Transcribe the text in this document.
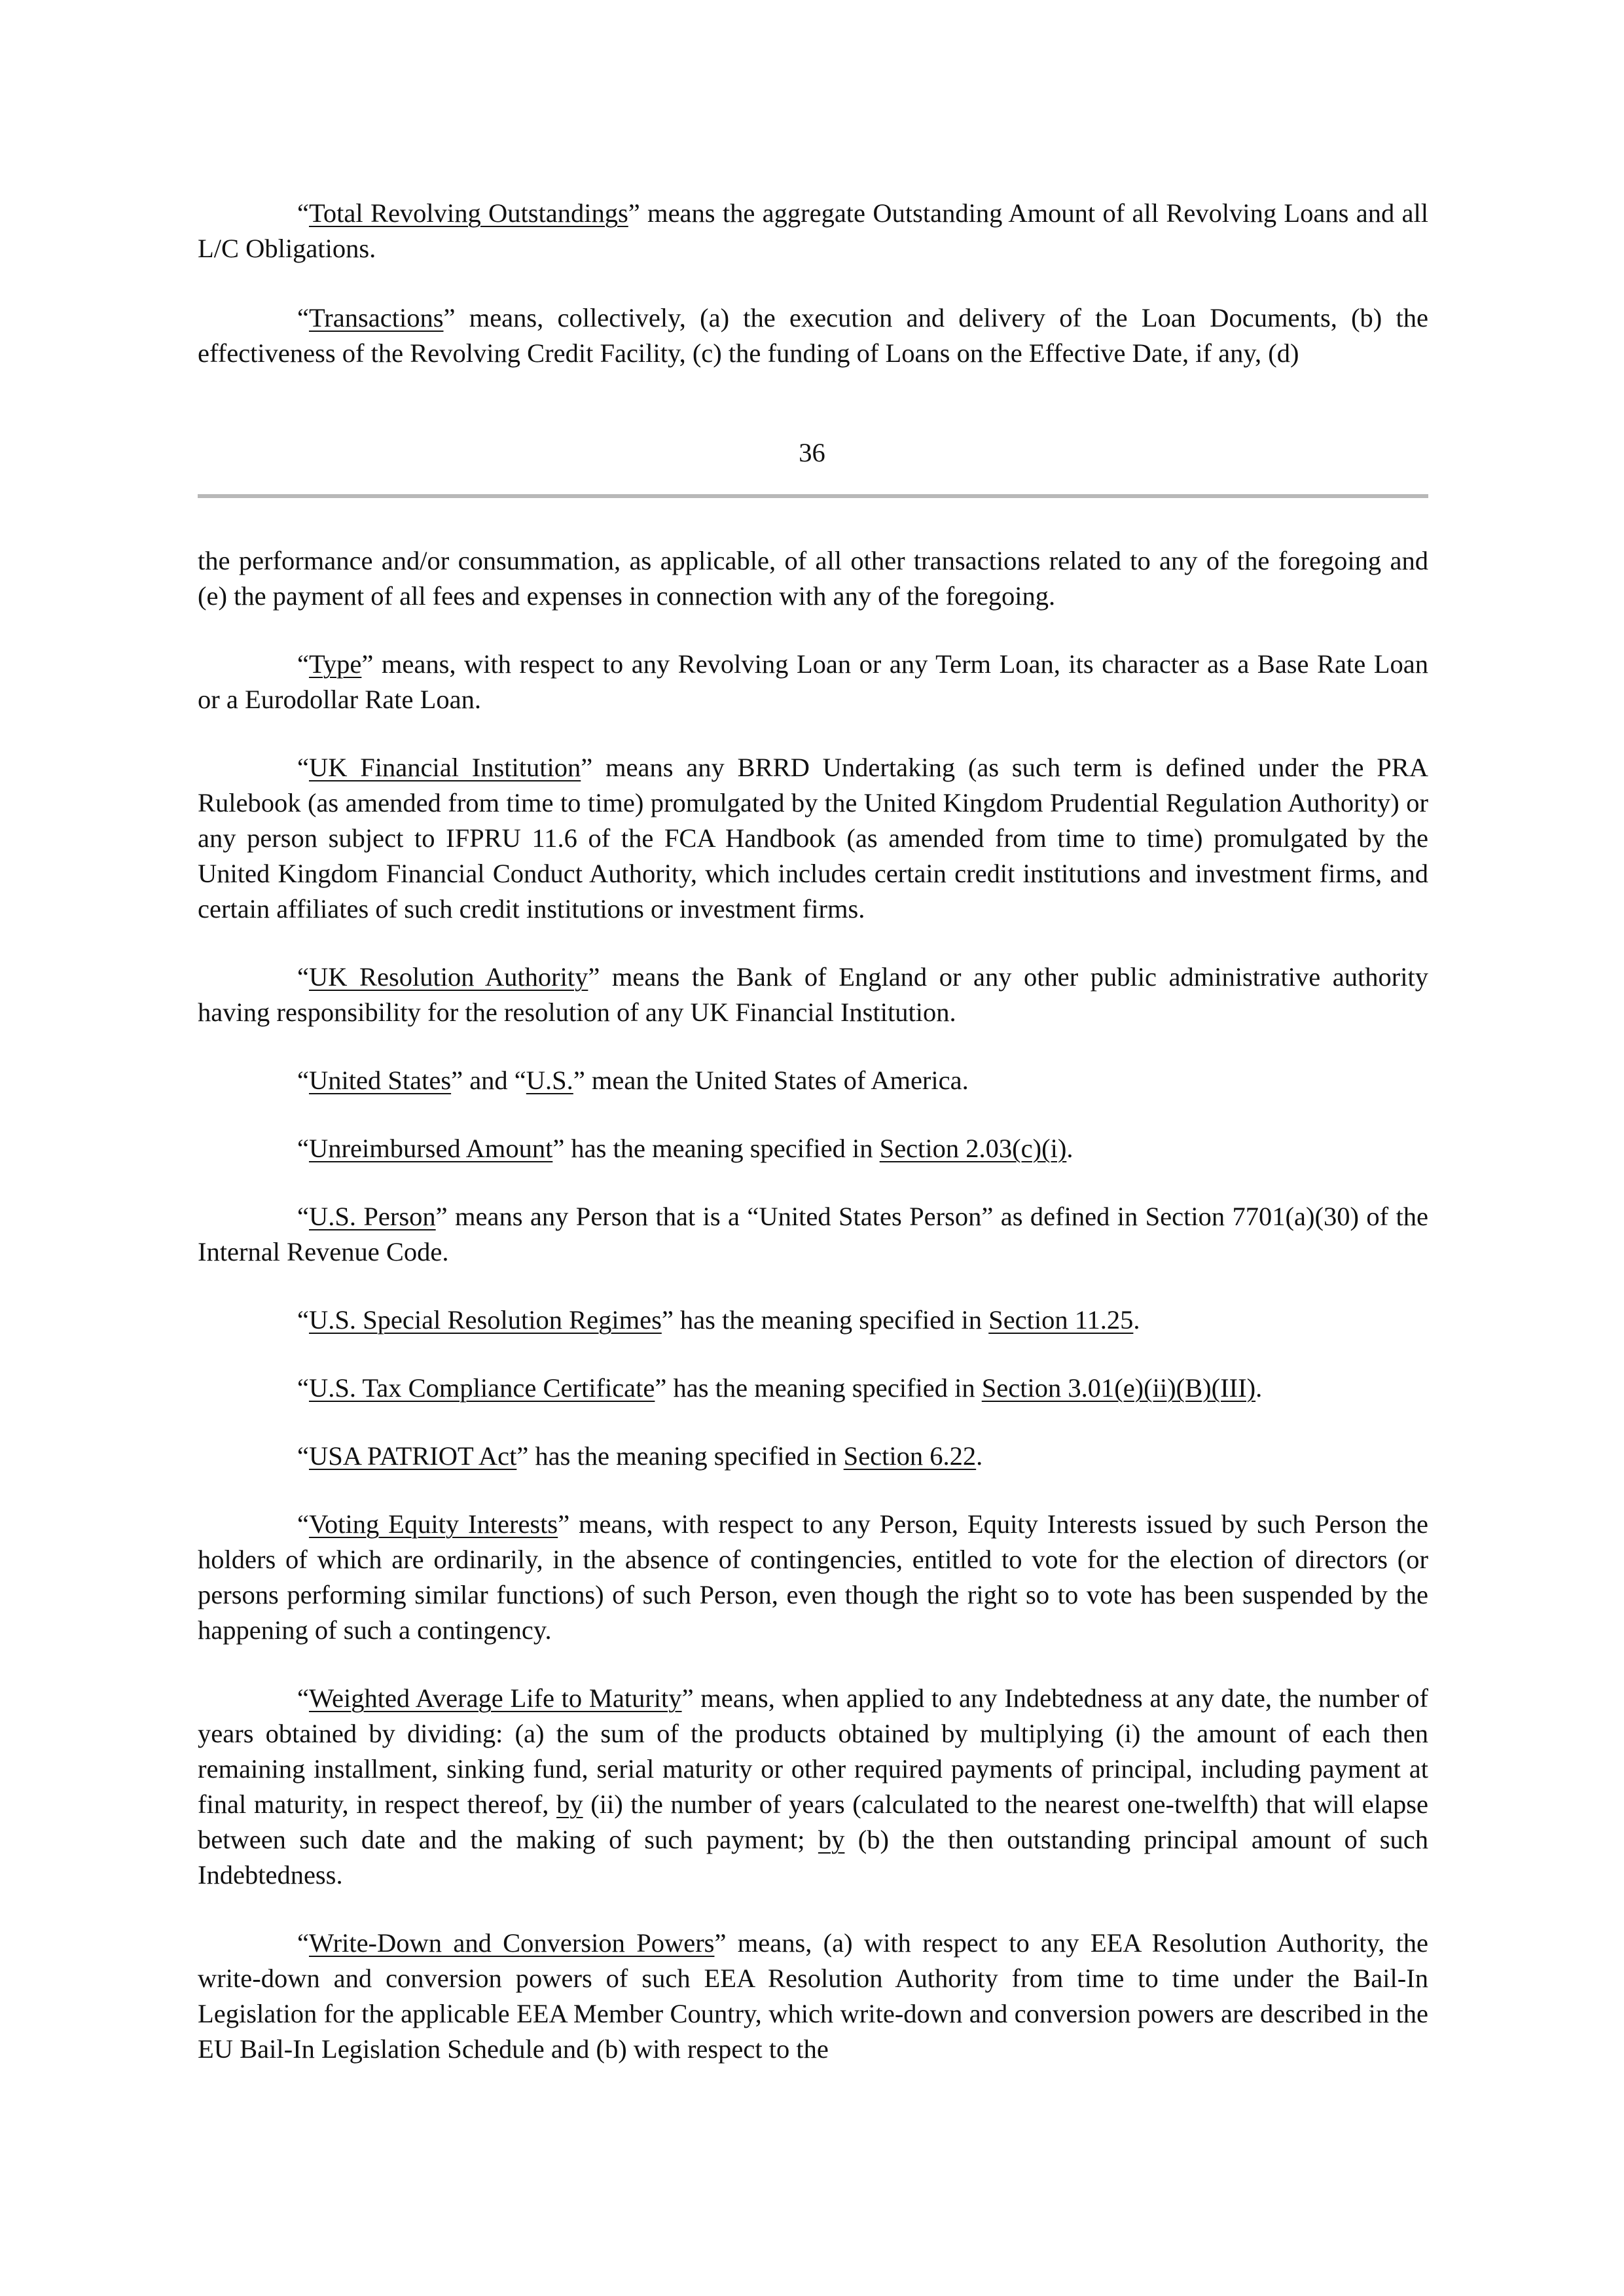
“Total Revolving Outstandings” means the aggregate Outstanding Amount of all Revolving Loans and all L/C Obligations.

“Transactions” means, collectively, (a) the execution and delivery of the Loan Documents, (b) the effectiveness of the Revolving Credit Facility, (c) the funding of Loans on the Effective Date, if any, (d)

36

the performance and/or consummation, as applicable, of all other transactions related to any of the foregoing and (e) the payment of all fees and expenses in connection with any of the foregoing.

“Type” means, with respect to any Revolving Loan or any Term Loan, its character as a Base Rate Loan or a Eurodollar Rate Loan.

“UK Financial Institution” means any BRRD Undertaking (as such term is defined under the PRA Rulebook (as amended from time to time) promulgated by the United Kingdom Prudential Regulation Authority) or any person subject to IFPRU 11.6 of the FCA Handbook (as amended from time to time) promulgated by the United Kingdom Financial Conduct Authority, which includes certain credit institutions and investment firms, and certain affiliates of such credit institutions or investment firms.

“UK Resolution Authority” means the Bank of England or any other public administrative authority having responsibility for the resolution of any UK Financial Institution.

“United States” and “U.S.” mean the United States of America.

“Unreimbursed Amount” has the meaning specified in Section 2.03(c)(i).

“U.S. Person” means any Person that is a “United States Person” as defined in Section 7701(a)(30) of the Internal Revenue Code.

“U.S. Special Resolution Regimes” has the meaning specified in Section 11.25.

“U.S. Tax Compliance Certificate” has the meaning specified in Section 3.01(e)(ii)(B)(III).

“USA PATRIOT Act” has the meaning specified in Section 6.22.

“Voting Equity Interests” means, with respect to any Person, Equity Interests issued by such Person the holders of which are ordinarily, in the absence of contingencies, entitled to vote for the election of directors (or persons performing similar functions) of such Person, even though the right so to vote has been suspended by the happening of such a contingency.

“Weighted Average Life to Maturity” means, when applied to any Indebtedness at any date, the number of years obtained by dividing: (a) the sum of the products obtained by multiplying (i) the amount of each then remaining installment, sinking fund, serial maturity or other required payments of principal, including payment at final maturity, in respect thereof, by (ii) the number of years (calculated to the nearest one-twelfth) that will elapse between such date and the making of such payment; by (b) the then outstanding principal amount of such Indebtedness.

“Write-Down and Conversion Powers” means, (a) with respect to any EEA Resolution Authority, the write-down and conversion powers of such EEA Resolution Authority from time to time under the Bail-In Legislation for the applicable EEA Member Country, which write-down and conversion powers are described in the EU Bail-In Legislation Schedule and (b) with respect to the
